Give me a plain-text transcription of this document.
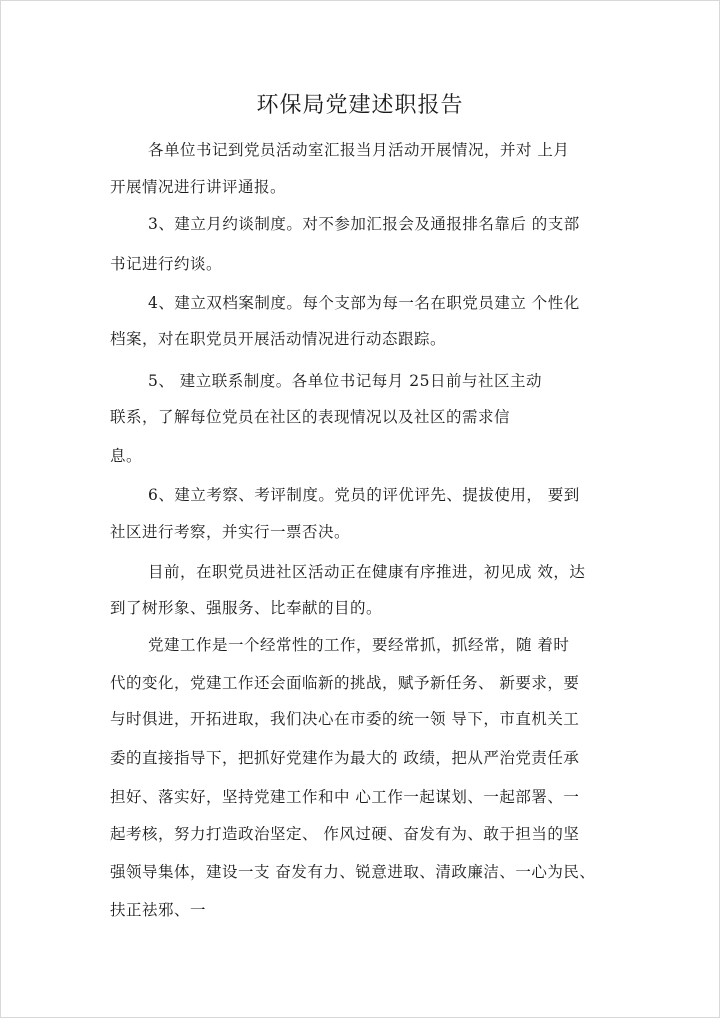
环保局党建述职报告
各单位书记到党员活动室汇报当月活动开展情况，并对 上月
开展情况进行讲评通报。
3、建立月约谈制度。对不参加汇报会及通报排名靠后 的支部
书记进行约谈。
4、建立双档案制度。每个支部为每一名在职党员建立 个性化
档案，对在职党员开展活动情况进行动态跟踪。
5、 建立联系制度。各单位书记每月 25日前与社区主动
联系，了解每位党员在社区的表现情况以及社区的需求信
息。
6、建立考察、考评制度。党员的评优评先、提拔使用， 要到
社区进行考察，并实行一票否决。
目前，在职党员进社区活动正在健康有序推进，初见成 效，达
到了树形象、强服务、比奉献的目的。
党建工作是一个经常性的工作，要经常抓，抓经常，随 着时
代的变化，党建工作还会面临新的挑战，赋予新任务、 新要求，要
与时俱进，开拓进取，我们决心在市委的统一领 导下，市直机关工
委的直接指导下，把抓好党建作为最大的 政绩，把从严治党责任承
担好、落实好，坚持党建工作和中 心工作一起谋划、一起部署、一
起考核，努力打造政治坚定、 作风过硬、奋发有为、敢于担当的坚
强领导集体，建设一支 奋发有力、锐意进取、清政廉洁、一心为民、
扶正祛邪、一
